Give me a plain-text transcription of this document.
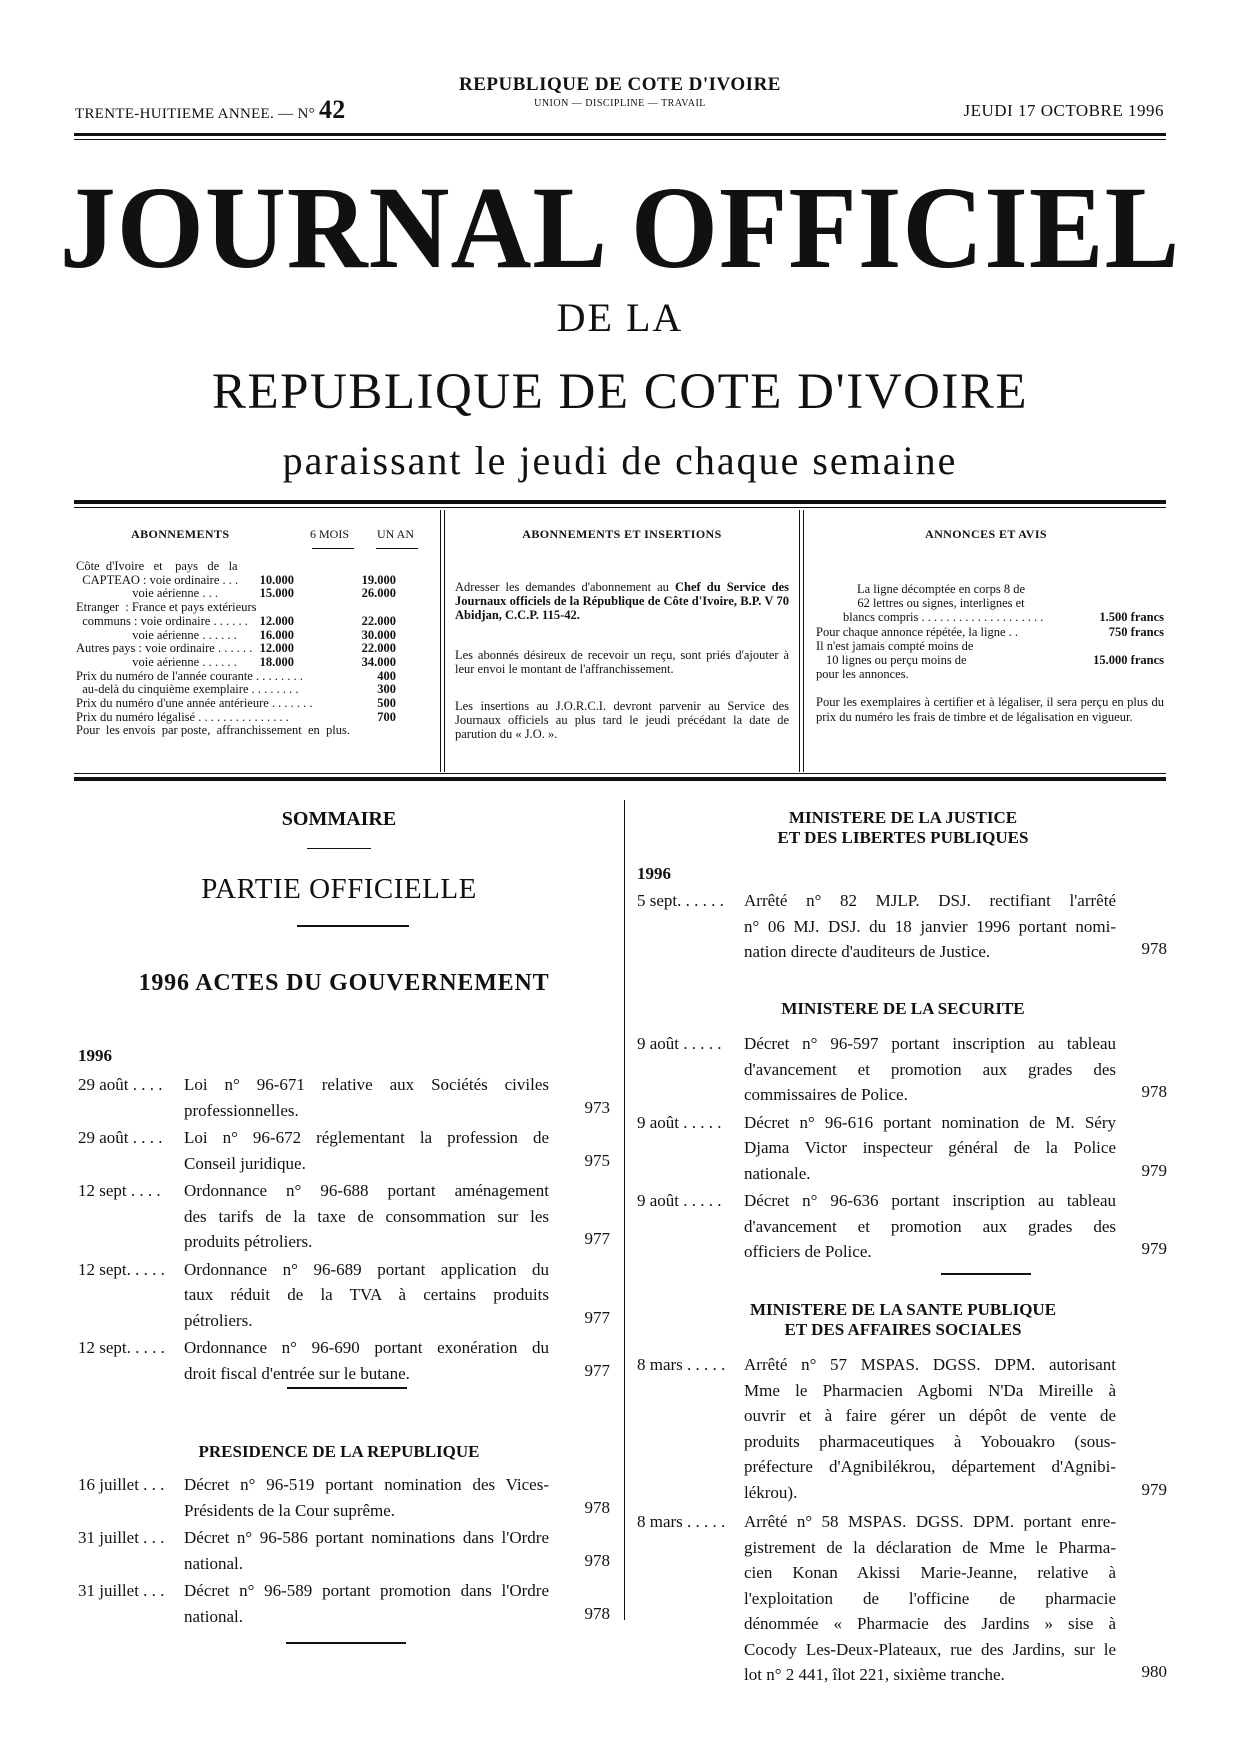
TRENTE-HUITIEME ANNEE. — N° 42
REPUBLIQUE DE COTE D'IVOIRE
UNION — DISCIPLINE — TRAVAIL	JEUDI 17 OCTOBRE 1996
JOURNAL OFFICIEL
DE LA
REPUBLIQUE DE COTE D'IVOIRE
paraissant le jeudi de chaque semaine
ABONNEMENTS	6 MOIS UN AN
Côte  d'Ivoire   et    pays   de   la
CAPTEAO : voie ordinaire . . . 10.000	19.000
voie aérienne . . .	15.000	26.000
Etranger  : France et pays extérieurs
communs : voie ordinaire . . . . . . 12.000	22.000
voie aérienne . . . . . . 16.000	30.000
Autres pays : voie ordinaire . . . . . . 12.000	22.000
voie aérienne . . . . . . 18.000	34.000
Prix du numéro de l'année courante . . . . . . . .	400
au-delà du cinquième exemplaire . . . . . . . .	300
Prix du numéro d'une année antérieure . . . . . . .	500
Prix du numéro légalisé . . . . . . . . . . . . . . .	700
Pour  les envois  par poste,  affranchissement  en  plus.
ABONNEMENTS ET INSERTIONS
Adresser les demandes d'abonnement au Chef du Service des Journaux officiels de la République de Côte d'Ivoire, B.P. V 70 Abidjan, C.C.P. 115-42.
Les abonnés désireux de recevoir un reçu, sont priés d'ajouter à leur envoi le montant de l'affranchissement.
Les insertions au J.O.R.C.I. devront parvenir au Service des Journaux officiels au plus tard le jeudi précédant la date de parution du « J.O. ».
ANNONCES ET AVIS
La ligne décomptée en corps 8 de
62 lettres ou signes, interlignes et
blancs compris . . . . . . . . . . . . . . . . . . . .	1.500 francs
Pour chaque annonce répétée, la ligne . .	750 francs
Il n'est jamais compté moins de
10 lignes ou perçu moins de	15.000 francs
pour les annonces.
Pour les exemplaires à certifier et à légaliser, il sera perçu en plus du prix du numéro les frais de timbre et de légalisation en vigueur.
SOMMAIRE
PARTIE OFFICIELLE
1996 ACTES DU GOUVERNEMENT
1996
29 août . . . . Loi n° 96-671 relative aux Sociétés civiles
professionnelles.	973
29 août . . . . Loi n° 96-672 réglementant la profession de
Conseil juridique.	975
12 sept . . . . Ordonnance n° 96-688 portant aménagement
des tarifs de la taxe de consommation sur les
produits pétroliers.	977
12 sept. . . . . Ordonnance n° 96-689 portant application du
taux réduit de la TVA à certains produits
pétroliers.	977
12 sept. . . . . Ordonnance n° 96-690 portant exonération du
droit fiscal d'entrée sur le butane.	977
PRESIDENCE DE LA REPUBLIQUE
16 juillet . . . Décret n° 96-519 portant nomination des Vices-
Présidents de la Cour suprême.	978
31 juillet . . . Décret n° 96-586 portant nominations dans l'Ordre
national.	978
31 juillet . . . Décret n° 96-589 portant promotion dans l'Ordre
national.	978
MINISTERE DE LA JUSTICE
ET DES LIBERTES PUBLIQUES
1996
5 sept. . . . . . Arrêté n° 82 MJLP. DSJ. rectifiant l'arrêté
n° 06 MJ. DSJ. du 18 janvier 1996 portant nomi-
nation directe d'auditeurs de Justice.	978
MINISTERE DE LA SECURITE
9 août . . . . . Décret n° 96-597 portant inscription au tableau
d'avancement et promotion aux grades des
commissaires de Police.	978
9 août . . . . . Décret n° 96-616 portant nomination de M. Séry
Djama Victor inspecteur général de la Police
nationale.	979
9 août . . . . . Décret n° 96-636 portant inscription au tableau
d'avancement et promotion aux grades des
officiers de Police.	979
MINISTERE DE LA SANTE PUBLIQUE
ET DES AFFAIRES SOCIALES
8 mars . . . . . Arrêté n° 57 MSPAS. DGSS. DPM. autorisant
Mme le Pharmacien Agbomi N'Da Mireille à
ouvrir et à faire gérer un dépôt de vente de
produits pharmaceutiques à Yobouakro (sous-
préfecture d'Agnibilékrou, département d'Agnibi-
lékrou).	979
8 mars . . . . . Arrêté n° 58 MSPAS. DGSS. DPM. portant enre-
gistrement de la déclaration de Mme le Pharma-
cien Konan Akissi Marie-Jeanne, relative à
l'exploitation de l'officine de pharmacie
dénommée « Pharmacie des Jardins » sise à
Cocody Les-Deux-Plateaux, rue des Jardins, sur le
lot n° 2 441, îlot 221, sixième tranche.	980
